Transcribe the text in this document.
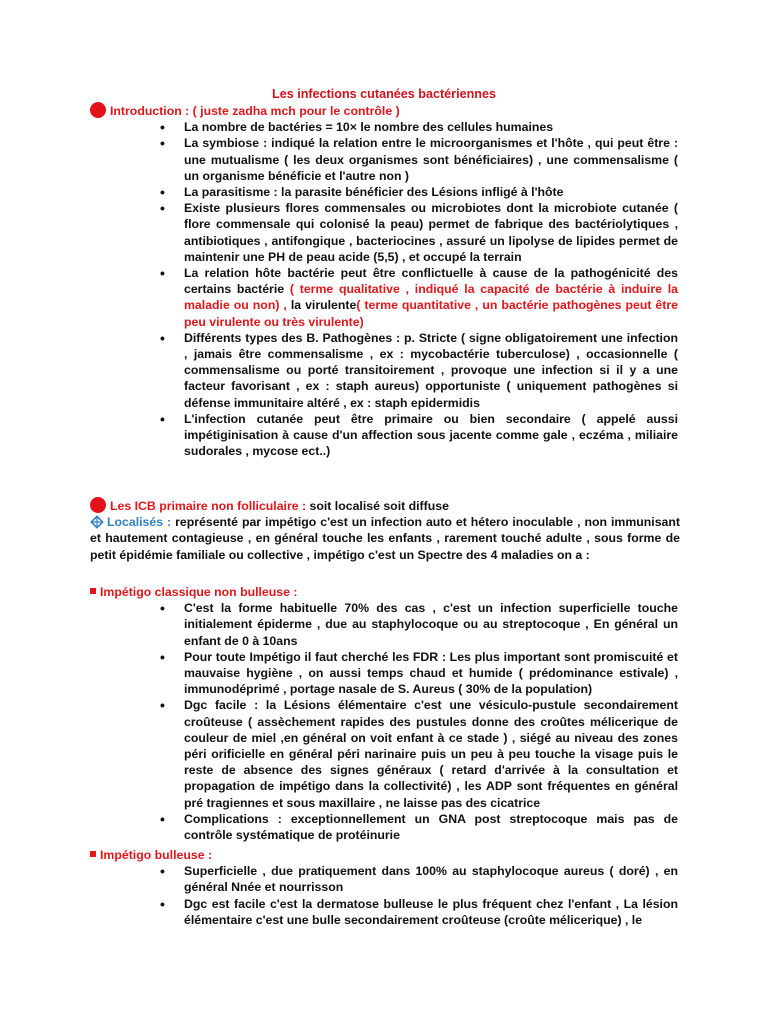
Les infections cutanées bactériennes
Introduction : ( juste zadha mch pour le contrôle )
• La nombre de bactéries = 10× le nombre des cellules humaines
• La symbiose : indiqué la relation entre le microorganismes et l'hôte , qui peut être : une mutualisme ( les deux organismes sont bénéficiaires) , une commensalisme ( un organisme bénéficie et l'autre non )
• La parasitisme : la parasite bénéficier des Lésions infligé à l'hôte
• Existe plusieurs flores commensales ou microbiotes dont la microbiote cutanée ( flore commensale qui colonisé la peau) permet de fabrique des bactériolytiques , antibiotiques , antifongique , bacteriocines , assuré un lipolyse de lipides permet de maintenir une PH de peau acide (5,5) , et occupé la terrain
• La relation hôte bactérie peut être conflictuelle à cause de la pathogénicité des certains bactérie ( terme qualitative , indiqué la capacité de bactérie à induire la maladie ou non) , la virulente( terme quantitative , un bactérie pathogènes peut être peu virulente ou très virulente)
• Différents types des B. Pathogènes : p. Stricte ( signe obligatoirement une infection , jamais être commensalisme , ex : mycobactérie tuberculose) , occasionnelle ( commensalisme ou porté transitoirement , provoque une infection si il y a une facteur favorisant , ex : staph aureus) opportuniste ( uniquement pathogènes si défense immunitaire altéré , ex : staph epidermidis
• L'infection cutanée peut être primaire ou bien secondaire ( appelé aussi impétiginisation à cause d'un affection sous jacente comme gale , eczéma , miliaire sudorales , mycose ect..)
Les ICB primaire non folliculaire : soit localisé soit diffuse
Localisés : représenté par impétigo c'est un infection auto et hétero inoculable , non immunisant et hautement contagieuse , en général touche les enfants , rarement touché adulte , sous forme de petit épidémie familiale ou collective , impétigo c'est un Spectre des 4 maladies on a :
Impétigo classique non bulleuse :
• C'est la forme habituelle 70% des cas , c'est un infection superficielle touche initialement épiderme , due au staphylocoque ou au streptocoque , En général un enfant de 0 à 10ans
• Pour toute Impétigo il faut cherché les FDR : Les plus important sont promiscuité et mauvaise hygiène , on aussi temps chaud et humide ( prédominance estivale) , immunodéprimé , portage nasale de S. Aureus ( 30% de la population)
• Dgc facile : la Lésions élémentaire c'est une vésiculo-pustule secondairement croûteuse ( assèchement rapides des pustules donne des croûtes mélicerique de couleur de miel ,en général on voit enfant à ce stade ) , siégé au niveau des zones péri orificielle en général péri narinaire puis un peu à peu touche la visage puis le reste de absence des signes généraux ( retard d'arrivée à la consultation et propagation de impétigo dans la collectivité) , les ADP sont fréquentes en général pré tragiennes et sous maxillaire , ne laisse pas des cicatrice
• Complications : exceptionnellement un GNA post streptocoque mais pas de contrôle systématique de protéinurie
Impétigo bulleuse :
• Superficielle , due pratiquement dans 100% au staphylocoque aureus ( doré) , en général Nnée et nourrisson
• Dgc est facile c'est la dermatose bulleuse le plus fréquent chez l'enfant , La lésion élémentaire c'est une bulle secondairement croûteuse (croûte mélicerique) , le
